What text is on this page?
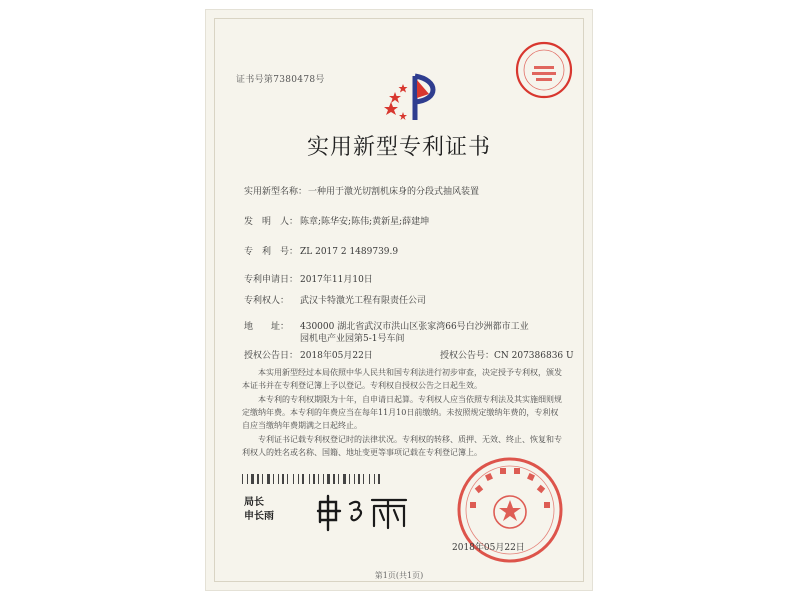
证书号第7380478号
实用新型专利证书
实用新型名称：一种用于激光切割机床身的分段式抽风装置
发　明　人： 陈章;陈华安;陈伟;黄新星;薛建坤
专　利　号： ZL 2017 2 1489739.9
专利申请日： 2017年11月10日
专利权人： 武汉卡特激光工程有限责任公司
地　　址： 430000 湖北省武汉市洪山区张家湾66号白沙洲都市工业
园机电产业园第5-1号车间
授权公告日： 2018年05月22日	授权公告号：CN 207386836 U

本实用新型经过本局依照中华人民共和国专利法进行初步审查，决定授予专利权，颁发本证书并在专利登记簿上予以登记。专利权自授权公告之日起生效。

本专利的专利权期限为十年，自申请日起算。专利权人应当依照专利法及其实施细则规定缴纳年费。本专利的年费应当在每年11月10日前缴纳。未按照规定缴纳年费的，专利权自应当缴纳年费期满之日起终止。

专利证书记载专利权登记时的法律状况。专利权的转移、质押、无效、终止、恢复和专利权人的姓名或名称、国籍、地址变更等事项记载在专利登记簿上。

局长
申长雨
2018年05月22日
第1页(共1页)
